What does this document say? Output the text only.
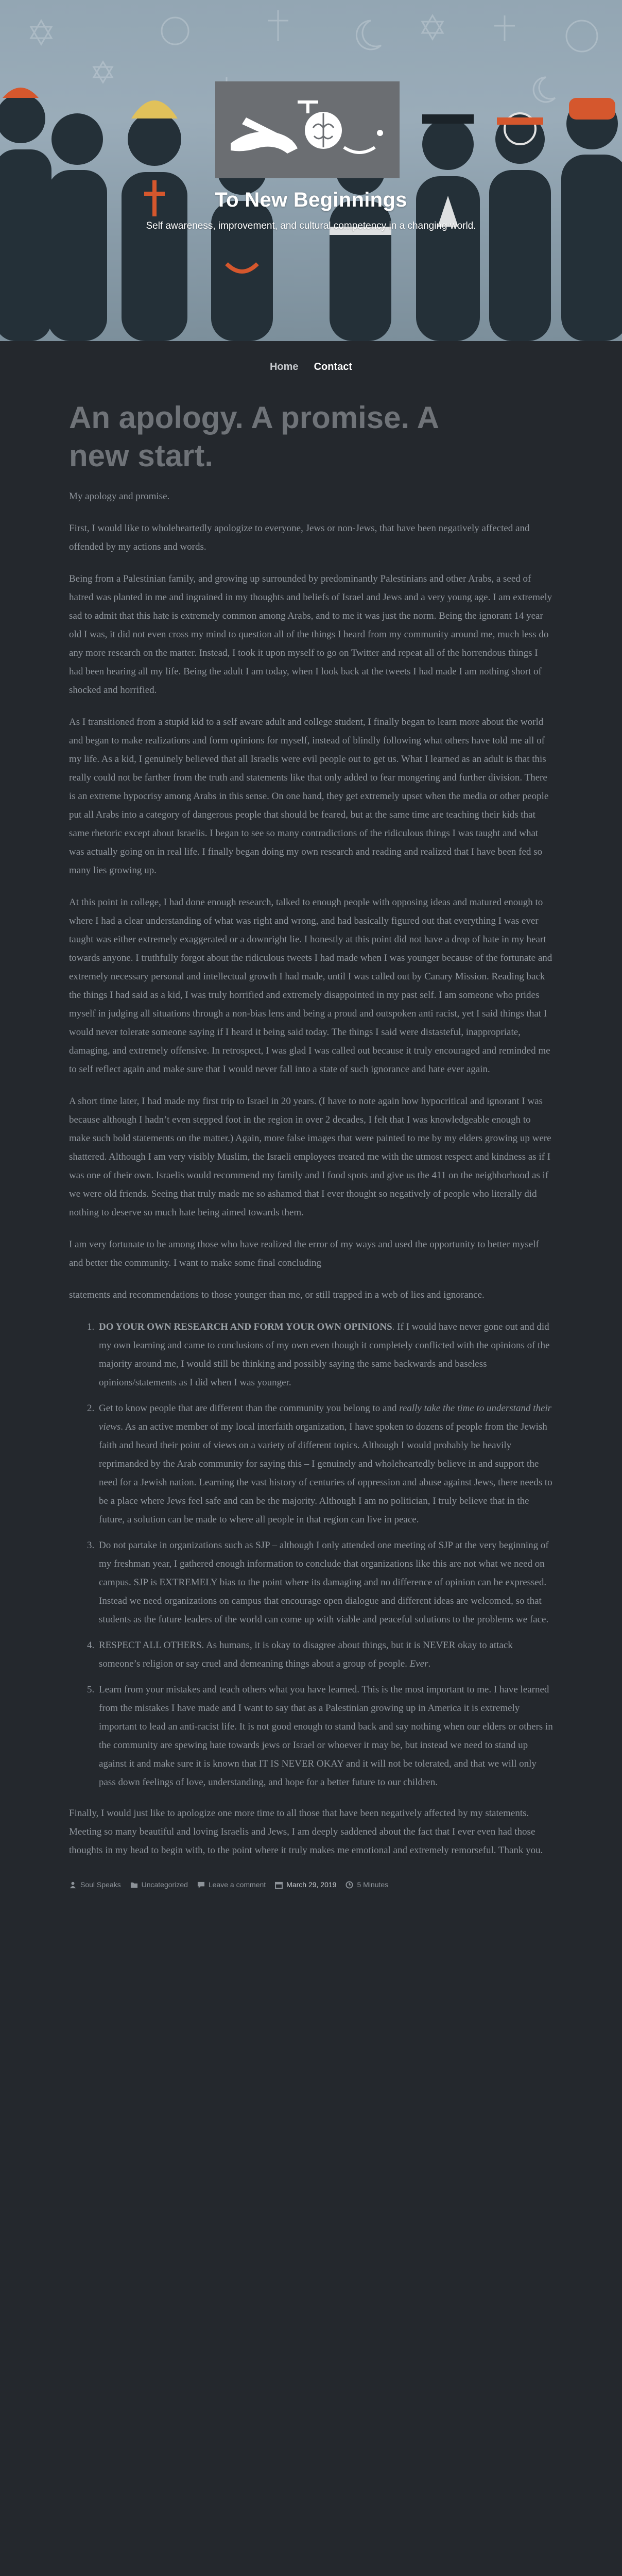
To New Beginnings
Self awareness, improvement, and cultural competency in a changing world.
Home Contact
An apology. A promise. A new start.

My apology and promise.

First, I would like to wholeheartedly apologize to everyone, Jews or non-Jews, that have been negatively affected and offended by my actions and words.

Being from a Palestinian family, and growing up surrounded by predominantly Palestinians and other Arabs, a seed of hatred was planted in me and ingrained in my thoughts and beliefs of Israel and Jews and a very young age. I am extremely sad to admit that this hate is extremely common among Arabs, and to me it was just the norm. Being the ignorant 14 year old I was, it did not even cross my mind to question all of the things I heard from my community around me, much less do any more research on the matter. Instead, I took it upon myself to go on Twitter and repeat all of the horrendous things I had been hearing all my life. Being the adult I am today, when I look back at the tweets I had made I am nothing short of shocked and horrified.

As I transitioned from a stupid kid to a self aware adult and college student, I finally began to learn more about the world and began to make realizations and form opinions for myself, instead of blindly following what others have told me all of my life. As a kid, I genuinely believed that all Israelis were evil people out to get us. What I learned as an adult is that this really could not be farther from the truth and statements like that only added to fear mongering and further division. There is an extreme hypocrisy among Arabs in this sense. On one hand, they get extremely upset when the media or other people put all Arabs into a category of dangerous people that should be feared, but at the same time are teaching their kids that same rhetoric except about Israelis. I began to see so many contradictions of the ridiculous things I was taught and what was actually going on in real life. I finally began doing my own research and reading and realized that I have been fed so many lies growing up.

At this point in college, I had done enough research, talked to enough people with opposing ideas and matured enough to where I had a clear understanding of what was right and wrong, and had basically figured out that everything I was ever taught was either extremely exaggerated or a downright lie. I honestly at this point did not have a drop of hate in my heart towards anyone. I truthfully forgot about the ridiculous tweets I had made when I was younger because of the fortunate and extremely necessary personal and intellectual growth I had made, until I was called out by Canary Mission. Reading back the things I had said as a kid, I was truly horrified and extremely disappointed in my past self. I am someone who prides myself in judging all situations through a non-bias lens and being a proud and outspoken anti racist, yet I said things that I would never tolerate someone saying if I heard it being said today. The things I said were distasteful, inappropriate, damaging, and extremely offensive. In retrospect, I was glad I was called out because it truly encouraged and reminded me to self reflect again and make sure that I would never fall into a state of such ignorance and hate ever again.

A short time later, I had made my first trip to Israel in 20 years. (I have to note again how hypocritical and ignorant I was because although I hadn’t even stepped foot in the region in over 2 decades, I felt that I was knowledgeable enough to make such bold statements on the matter.) Again, more false images that were painted to me by my elders growing up were shattered. Although I am very visibly Muslim, the Israeli employees treated me with the utmost respect and kindness as if I was one of their own. Israelis would recommend my family and I food spots and give us the 411 on the neighborhood as if we were old friends. Seeing that truly made me so ashamed that I ever thought so negatively of people who literally did nothing to deserve so much hate being aimed towards them.

I am very fortunate to be among those who have realized the error of my ways and used the opportunity to better myself and better the community. I want to make some final concluding

statements and recommendations to those younger than me, or still trapped in a web of lies and ignorance.

1. DO YOUR OWN RESEARCH AND FORM YOUR OWN OPINIONS. If I would have never gone out and did my own learning and came to conclusions of my own even though it completely conflicted with the opinions of the majority around me, I would still be thinking and possibly saying the same backwards and baseless opinions/statements as I did when I was younger.
2. Get to know people that are different than the community you belong to and really take the time to understand their views. As an active member of my local interfaith organization, I have spoken to dozens of people from the Jewish faith and heard their point of views on a variety of different topics. Although I would probably be heavily reprimanded by the Arab community for saying this – I genuinely and wholeheartedly believe in and support the need for a Jewish nation. Learning the vast history of centuries of oppression and abuse against Jews, there needs to be a place where Jews feel safe and can be the majority. Although I am no politician, I truly believe that in the future, a solution can be made to where all people in that region can live in peace.
3. Do not partake in organizations such as SJP – although I only attended one meeting of SJP at the very beginning of my freshman year, I gathered enough information to conclude that organizations like this are not what we need on campus. SJP is EXTREMELY bias to the point where its damaging and no difference of opinion can be expressed. Instead we need organizations on campus that encourage open dialogue and different ideas are welcomed, so that students as the future leaders of the world can come up with viable and peaceful solutions to the problems we face.
4. RESPECT ALL OTHERS. As humans, it is okay to disagree about things, but it is NEVER okay to attack someone’s religion or say cruel and demeaning things about a group of people. Ever.
5. Learn from your mistakes and teach others what you have learned. This is the most important to me. I have learned from the mistakes I have made and I want to say that as a Palestinian growing up in America it is extremely important to lead an anti-racist life. It is not good enough to stand back and say nothing when our elders or others in the community are spewing hate towards jews or Israel or whoever it may be, but instead we need to stand up against it and make sure it is known that IT IS NEVER OKAY and it will not be tolerated, and that we will only pass down feelings of love, understanding, and hope for a better future to our children.

Finally, I would just like to apologize one more time to all those that have been negatively affected by my statements. Meeting so many beautiful and loving Israelis and Jews, I am deeply saddened about the fact that I ever even had those thoughts in my head to begin with, to the point where it truly makes me emotional and extremely remorseful. Thank you.

Soul Speaks	Uncategorized	Leave a comment	March 29, 2019	5 Minutes
